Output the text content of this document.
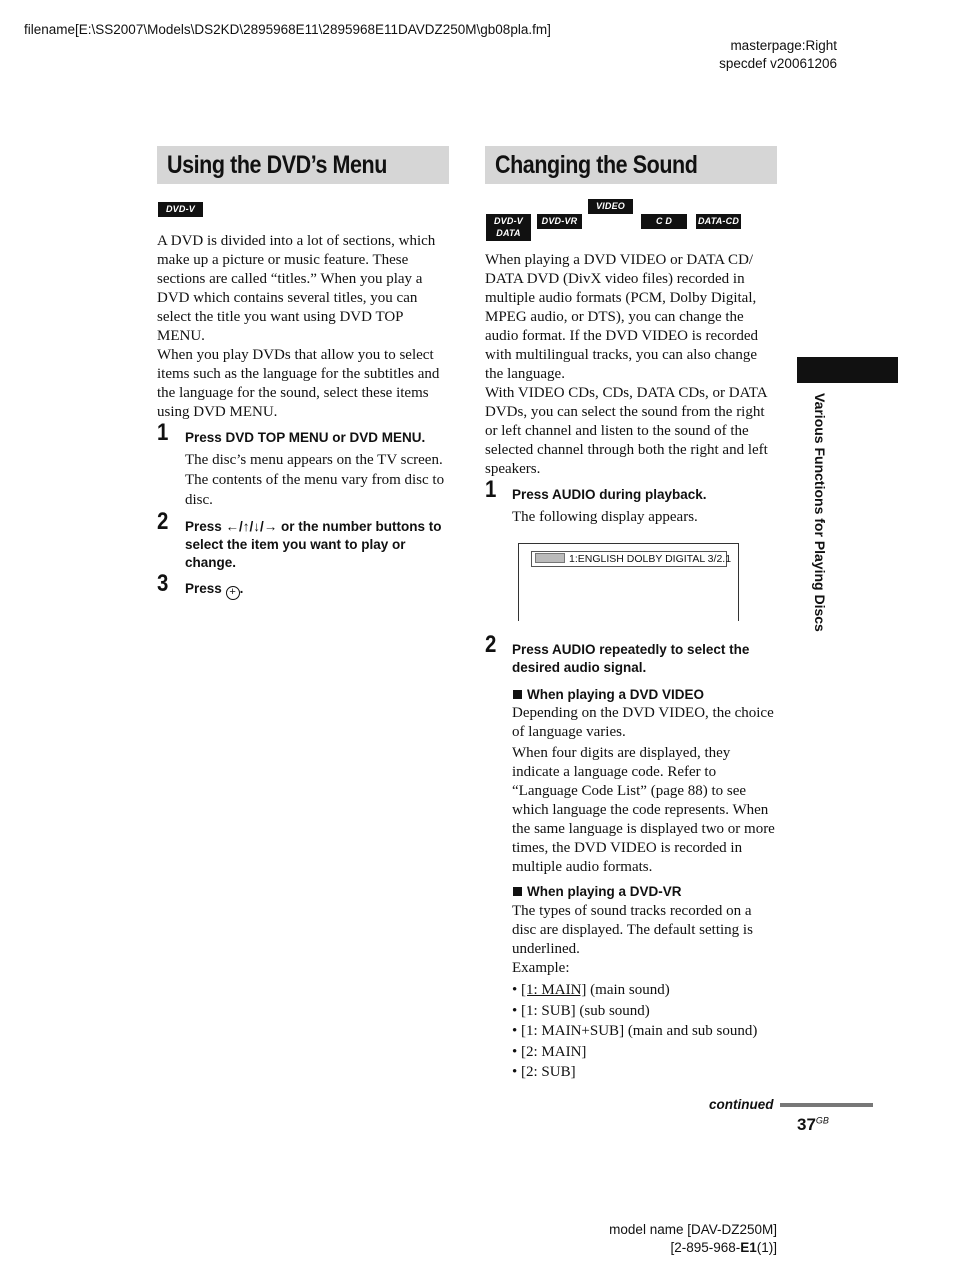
filename[E:\SS2007\Models\DS2KD\2895968E11\2895968E11DAVDZ250M\gb08pla.fm]
masterpage:Right
specdef v20061206
Using the DVD’s Menu
DVD-V

A DVD is divided into a lot of sections, which make up a picture or music feature. These sections are called “titles.” When you play a DVD which contains several titles, you can select the title you want using DVD TOP MENU.

When you play DVDs that allow you to select items such as the language for the subtitles and the language for the sound, select these items using DVD MENU.

1 Press DVD TOP MENU or DVD MENU.
The disc’s menu appears on the TV screen.
The contents of the menu vary from disc to disc.
2 Press ←/↑/↓/→ or the number buttons to select the item you want to play or change.
3 Press + .
Changing the Sound
DVD-V DVD-VRVIDEO CD	C D	DATA-CD
DATA DVD

When playing a DVD VIDEO or DATA CD/ DATA DVD (DivX video files) recorded in multiple audio formats (PCM, Dolby Digital, MPEG audio, or DTS), you can change the audio format. If the DVD VIDEO is recorded with multilingual tracks, you can also change the language.

With VIDEO CDs, CDs, DATA CDs, or DATA DVDs, you can select the sound from the right or left channel and listen to the sound of the selected channel through both the right and left speakers.

1 Press AUDIO during playback.
The following display appears.
1:ENGLISH DOLBY DIGITAL 3/2.1
2 Press AUDIO repeatedly to select the desired audio signal.
When playing a DVD VIDEO

Depending on the DVD VIDEO, the choice of language varies.

When four digits are displayed, they indicate a language code. Refer to “Language Code List” (page 88) to see which language the code represents. When the same language is displayed two or more times, the DVD VIDEO is recorded in multiple audio formats.

When playing a DVD-VR

The types of sound tracks recorded on a disc are displayed. The default setting is underlined.

Example:

• [1: MAIN] (main sound)
• [1: SUB] (sub sound)
• [1: MAIN+SUB] (main and sub sound)
• [2: MAIN]
• [2: SUB]
Various Functions for Playing Discs
continued
$37^{GB}$
model name [DAV-DZ250M]
[2-895-968-E1(1)]
